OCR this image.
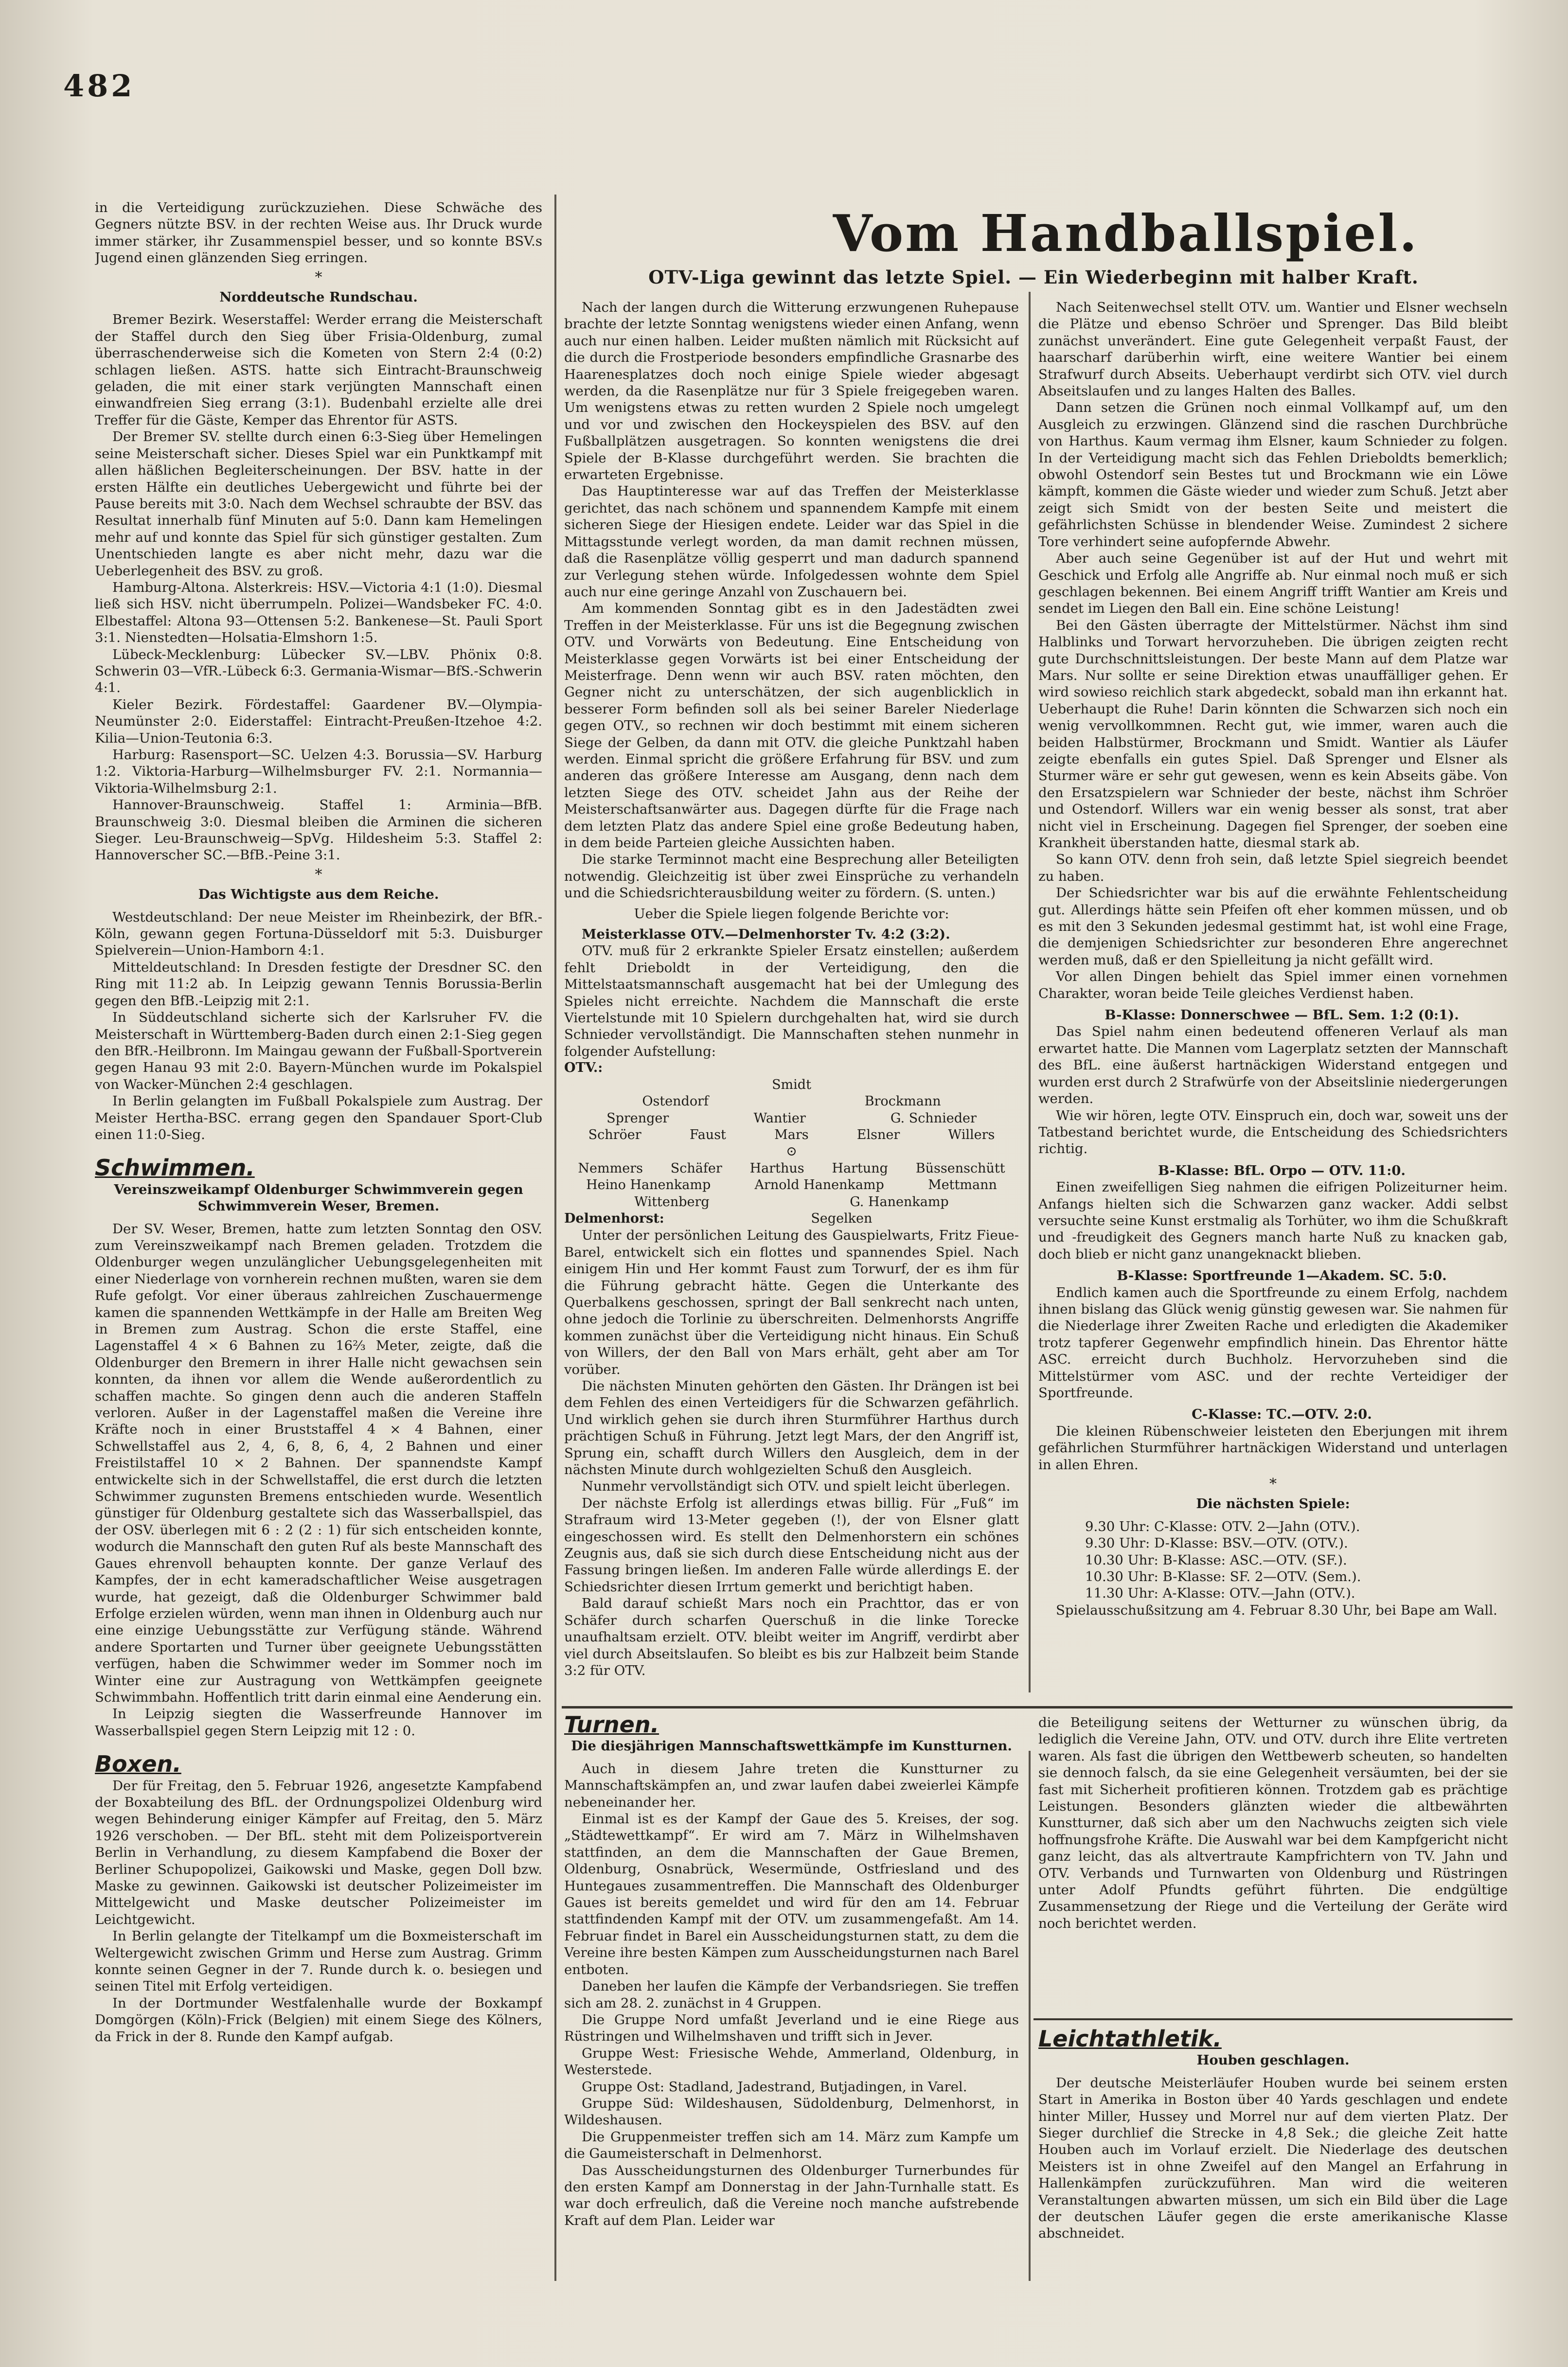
482
Vom Handballspiel.
OTV-Liga gewinnt das letzte Spiel. — Ein Wiederbeginn mit halber Kraft.

in die Verteidigung zurückzuziehen. Diese Schwäche des Gegners nützte BSV. in der rechten Weise aus. Ihr Druck wurde immer stärker, ihr Zusammenspiel besser, und so konnte BSV.s Jugend einen glänzenden Sieg erringen.

*
Norddeutsche Rundschau.

Bremer Bezirk. Weserstaffel: Werder errang die Meisterschaft der Staffel durch den Sieg über Frisia-Oldenburg, zumal überraschenderweise sich die Kometen von Stern 2:4 (0:2) schlagen ließen. ASTS. hatte sich Eintracht-Braunschweig geladen, die mit einer stark verjüngten Mannschaft einen einwandfreien Sieg errang (3:1). Budenbahl erzielte alle drei Treffer für die Gäste, Kemper das Ehrentor für ASTS.

Der Bremer SV. stellte durch einen 6:3-Sieg über Hemelingen seine Meisterschaft sicher. Dieses Spiel war ein Punktkampf mit allen häßlichen Begleiterscheinungen. Der BSV. hatte in der ersten Hälfte ein deutliches Uebergewicht und führte bei der Pause bereits mit 3:0. Nach dem Wechsel schraubte der BSV. das Resultat innerhalb fünf Minuten auf 5:0. Dann kam Hemelingen mehr auf und konnte das Spiel für sich günstiger gestalten. Zum Unentschieden langte es aber nicht mehr, dazu war die Ueberlegenheit des BSV. zu groß.

Hamburg-Altona. Alsterkreis: HSV.—Victoria 4:1 (1:0). Diesmal ließ sich HSV. nicht überrumpeln. Polizei—Wandsbeker FC. 4:0. Elbestaffel: Altona 93—Ottensen 5:2. Bankenese—St. Pauli Sport 3:1. Nienstedten—Holsatia-Elmshorn 1:5.

Lübeck-Mecklenburg: Lübecker SV.—LBV. Phönix 0:8. Schwerin 03—VfR.-Lübeck 6:3. Germania-Wismar—BfS.-Schwerin 4:1.

Kieler Bezirk. Fördestaffel: Gaardener BV.—Olympia-Neumünster 2:0. Eiderstaffel: Eintracht-Preußen-Itzehoe 4:2. Kilia—Union-Teutonia 6:3.

Harburg: Rasensport—SC. Uelzen 4:3. Borussia—SV. Harburg 1:2. Viktoria-Harburg—Wilhelmsburger FV. 2:1. Normannia—Viktoria-Wilhelmsburg 2:1.

Hannover-Braunschweig. Staffel 1: Arminia—BfB. Braunschweig 3:0. Diesmal bleiben die Arminen die sicheren Sieger. Leu-Braunschweig—SpVg. Hildesheim 5:3. Staffel 2: Hannoverscher SC.—BfB.-Peine 3:1.

*
Das Wichtigste aus dem Reiche.

Westdeutschland: Der neue Meister im Rheinbezirk, der BfR.-Köln, gewann gegen Fortuna-Düsseldorf mit 5:3. Duisburger Spielverein—Union-Hamborn 4:1.

Mitteldeutschland: In Dresden festigte der Dresdner SC. den Ring mit 11:2 ab. In Leipzig gewann Tennis Borussia-Berlin gegen den BfB.-Leipzig mit 2:1.

In Süddeutschland sicherte sich der Karlsruher FV. die Meisterschaft in Württemberg-Baden durch einen 2:1-Sieg gegen den BfR.-Heilbronn. Im Maingau gewann der Fußball-Sportverein gegen Hanau 93 mit 2:0. Bayern-München wurde im Pokalspiel von Wacker-München 2:4 geschlagen.

In Berlin gelangten im Fußball Pokalspiele zum Austrag. Der Meister Hertha-BSC. errang gegen den Spandauer Sport-Club einen 11:0-Sieg.

Schwimmen.
Vereinszweikampf Oldenburger Schwimmverein gegen Schwimmverein Weser, Bremen.

Der SV. Weser, Bremen, hatte zum letzten Sonntag den OSV. zum Vereinszweikampf nach Bremen geladen. Trotzdem die Oldenburger wegen unzulänglicher Uebungsgelegenheiten mit einer Niederlage von vornherein rechnen mußten, waren sie dem Rufe gefolgt. Vor einer überaus zahlreichen Zuschauermenge kamen die spannenden Wettkämpfe in der Halle am Breiten Weg in Bremen zum Austrag. Schon die erste Staffel, eine Lagenstaffel 4 × 6 Bahnen zu 16⅔ Meter, zeigte, daß die Oldenburger den Bremern in ihrer Halle nicht gewachsen sein konnten, da ihnen vor allem die Wende außerordentlich zu schaffen machte. So gingen denn auch die anderen Staffeln verloren. Außer in der Lagenstaffel maßen die Vereine ihre Kräfte noch in einer Bruststaffel 4 × 4 Bahnen, einer Schwellstaffel aus 2, 4, 6, 8, 6, 4, 2 Bahnen und einer Freistilstaffel 10 × 2 Bahnen. Der spannendste Kampf entwickelte sich in der Schwellstaffel, die erst durch die letzten Schwimmer zugunsten Bremens entschieden wurde. Wesentlich günstiger für Oldenburg gestaltete sich das Wasserballspiel, das der OSV. überlegen mit 6 : 2 (2 : 1) für sich entscheiden konnte, wodurch die Mannschaft den guten Ruf als beste Mannschaft des Gaues ehrenvoll behaupten konnte. Der ganze Verlauf des Kampfes, der in echt kameradschaftlicher Weise ausgetragen wurde, hat gezeigt, daß die Oldenburger Schwimmer bald Erfolge erzielen würden, wenn man ihnen in Oldenburg auch nur eine einzige Uebungsstätte zur Verfügung stände. Während andere Sportarten und Turner über geeignete Uebungsstätten verfügen, haben die Schwimmer weder im Sommer noch im Winter eine zur Austragung von Wettkämpfen geeignete Schwimmbahn. Hoffentlich tritt darin einmal eine Aenderung ein.

In Leipzig siegten die Wasserfreunde Hannover im Wasserballspiel gegen Stern Leipzig mit 12 : 0.

Boxen.

Der für Freitag, den 5. Februar 1926, angesetzte Kampfabend der Boxabteilung des BfL. der Ordnungspolizei Oldenburg wird wegen Behinderung einiger Kämpfer auf Freitag, den 5. März 1926 verschoben. — Der BfL. steht mit dem Polizeisportverein Berlin in Verhandlung, zu diesem Kampfabend die Boxer der Berliner Schupopolizei, Gaikowski und Maske, gegen Doll bzw. Maske zu gewinnen. Gaikowski ist deutscher Polizeimeister im Mittelgewicht und Maske deutscher Polizeimeister im Leichtgewicht.

In Berlin gelangte der Titelkampf um die Boxmeisterschaft im Weltergewicht zwischen Grimm und Herse zum Austrag. Grimm konnte seinen Gegner in der 7. Runde durch k. o. besiegen und seinen Titel mit Erfolg verteidigen.

In der Dortmunder Westfalenhalle wurde der Boxkampf Domgörgen (Köln)-Frick (Belgien) mit einem Siege des Kölners, da Frick in der 8. Runde den Kampf aufgab.

Nach der langen durch die Witterung erzwungenen Ruhepause brachte der letzte Sonntag wenigstens wieder einen Anfang, wenn auch nur einen halben. Leider mußten nämlich mit Rücksicht auf die durch die Frostperiode besonders empfindliche Grasnarbe des Haarenesplatzes doch noch einige Spiele wieder abgesagt werden, da die Rasenplätze nur für 3 Spiele freigegeben waren. Um wenigstens etwas zu retten wurden 2 Spiele noch umgelegt und vor und zwischen den Hockeyspielen des BSV. auf den Fußballplätzen ausgetragen. So konnten wenigstens die drei Spiele der B-Klasse durchgeführt werden. Sie brachten die erwarteten Ergebnisse.

Das Hauptinteresse war auf das Treffen der Meisterklasse gerichtet, das nach schönem und spannendem Kampfe mit einem sicheren Siege der Hiesigen endete. Leider war das Spiel in die Mittagsstunde verlegt worden, da man damit rechnen müssen, daß die Rasenplätze völlig gesperrt und man dadurch spannend zur Verlegung stehen würde. Infolgedessen wohnte dem Spiel auch nur eine geringe Anzahl von Zuschauern bei.

Am kommenden Sonntag gibt es in den Jadestädten zwei Treffen in der Meisterklasse. Für uns ist die Begegnung zwischen OTV. und Vorwärts von Bedeutung. Eine Entscheidung von Meisterklasse gegen Vorwärts ist bei einer Entscheidung der Meisterfrage. Denn wenn wir auch BSV. raten möchten, den Gegner nicht zu unterschätzen, der sich augenblicklich in besserer Form befinden soll als bei seiner Bareler Niederlage gegen OTV., so rechnen wir doch bestimmt mit einem sicheren Siege der Gelben, da dann mit OTV. die gleiche Punktzahl haben werden. Einmal spricht die größere Erfahrung für BSV. und zum anderen das größere Interesse am Ausgang, denn nach dem letzten Siege des OTV. scheidet Jahn aus der Reihe der Meisterschaftsanwärter aus. Dagegen dürfte für die Frage nach dem letzten Platz das andere Spiel eine große Bedeutung haben, in dem beide Parteien gleiche Aussichten haben.

Die starke Terminnot macht eine Besprechung aller Beteiligten notwendig. Gleichzeitig ist über zwei Einsprüche zu verhandeln und die Schiedsrichterausbildung weiter zu fördern. (S. unten.)

Ueber die Spiele liegen folgende Berichte vor:

Meisterklasse OTV.—Delmenhorster Tv. 4:2 (3:2).

OTV. muß für 2 erkrankte Spieler Ersatz einstellen; außerdem fehlt Drieboldt in der Verteidigung, den die Mittelstaatsmannschaft ausgemacht hat bei der Umlegung des Spieles nicht erreichte. Nachdem die Mannschaft die erste Viertelstunde mit 10 Spielern durchgehalten hat, wird sie durch Schnieder vervollständigt. Die Mannschaften stehen nunmehr in folgender Aufstellung:

OTV.:
Smidt
Ostendorf	Brockmann
Sprenger	Wantier	G. Schnieder
Schröer	Faust	Mars	Elsner	Willers
⊙
Nemmers Schäfer Harthus Hartung Büssenschütt
Heino Hanenkamp	Arnold Hanenkamp	Mettmann
Wittenberg	G. Hanenkamp
Delmenhorst:	Segelken

Unter der persönlichen Leitung des Gauspielwarts, Fritz Fieue-Barel, entwickelt sich ein flottes und spannendes Spiel. Nach einigem Hin und Her kommt Faust zum Torwurf, der es ihm für die Führung gebracht hätte. Gegen die Unterkante des Querbalkens geschossen, springt der Ball senkrecht nach unten, ohne jedoch die Torlinie zu überschreiten. Delmenhorsts Angriffe kommen zunächst über die Verteidigung nicht hinaus. Ein Schuß von Willers, der den Ball von Mars erhält, geht aber am Tor vorüber.

Die nächsten Minuten gehörten den Gästen. Ihr Drängen ist bei dem Fehlen des einen Verteidigers für die Schwarzen gefährlich. Und wirklich gehen sie durch ihren Sturmführer Harthus durch prächtigen Schuß in Führung. Jetzt legt Mars, der den Angriff ist, Sprung ein, schafft durch Willers den Ausgleich, dem in der nächsten Minute durch wohlgezielten Schuß den Ausgleich.

Nunmehr vervollständigt sich OTV. und spielt leicht überlegen.

Der nächste Erfolg ist allerdings etwas billig. Für „Fuß“ im Strafraum wird 13-Meter gegeben (!), der von Elsner glatt eingeschossen wird. Es stellt den Delmenhorstern ein schönes Zeugnis aus, daß sie sich durch diese Entscheidung nicht aus der Fassung bringen ließen. Im anderen Falle würde allerdings E. der Schiedsrichter diesen Irrtum gemerkt und berichtigt haben.

Bald darauf schießt Mars noch ein Prachttor, das er von Schäfer durch scharfen Querschuß in die linke Torecke unaufhaltsam erzielt. OTV. bleibt weiter im Angriff, verdirbt aber viel durch Abseitslaufen. So bleibt es bis zur Halbzeit beim Stande 3:2 für OTV.

Nach Seitenwechsel stellt OTV. um. Wantier und Elsner wechseln die Plätze und ebenso Schröer und Sprenger. Das Bild bleibt zunächst unverändert. Eine gute Gelegenheit verpaßt Faust, der haarscharf darüberhin wirft, eine weitere Wantier bei einem Strafwurf durch Abseits. Ueberhaupt verdirbt sich OTV. viel durch Abseitslaufen und zu langes Halten des Balles.

Dann setzen die Grünen noch einmal Vollkampf auf, um den Ausgleich zu erzwingen. Glänzend sind die raschen Durchbrüche von Harthus. Kaum vermag ihm Elsner, kaum Schnieder zu folgen. In der Verteidigung macht sich das Fehlen Drieboldts bemerklich; obwohl Ostendorf sein Bestes tut und Brockmann wie ein Löwe kämpft, kommen die Gäste wieder und wieder zum Schuß. Jetzt aber zeigt sich Smidt von der besten Seite und meistert die gefährlichsten Schüsse in blendender Weise. Zumindest 2 sichere Tore verhindert seine aufopfernde Abwehr.

Aber auch seine Gegenüber ist auf der Hut und wehrt mit Geschick und Erfolg alle Angriffe ab. Nur einmal noch muß er sich geschlagen bekennen. Bei einem Angriff trifft Wantier am Kreis und sendet im Liegen den Ball ein. Eine schöne Leistung!

Bei den Gästen überragte der Mittelstürmer. Nächst ihm sind Halblinks und Torwart hervorzuheben. Die übrigen zeigten recht gute Durchschnittsleistungen. Der beste Mann auf dem Platze war Mars. Nur sollte er seine Direktion etwas unauffälliger gehen. Er wird sowieso reichlich stark abgedeckt, sobald man ihn erkannt hat. Ueberhaupt die Ruhe! Darin könnten die Schwarzen sich noch ein wenig vervollkommnen. Recht gut, wie immer, waren auch die beiden Halbstürmer, Brockmann und Smidt. Wantier als Läufer zeigte ebenfalls ein gutes Spiel. Daß Sprenger und Elsner als Sturmer wäre er sehr gut gewesen, wenn es kein Abseits gäbe. Von den Ersatzspielern war Schnieder der beste, nächst ihm Schröer und Ostendorf. Willers war ein wenig besser als sonst, trat aber nicht viel in Erscheinung. Dagegen fiel Sprenger, der soeben eine Krankheit überstanden hatte, diesmal stark ab.

So kann OTV. denn froh sein, daß letzte Spiel siegreich beendet zu haben.

Der Schiedsrichter war bis auf die erwähnte Fehlentscheidung gut. Allerdings hätte sein Pfeifen oft eher kommen müssen, und ob es mit den 3 Sekunden jedesmal gestimmt hat, ist wohl eine Frage, die demjenigen Schiedsrichter zur besonderen Ehre angerechnet werden muß, daß er den Spielleitung ja nicht gefällt wird.

Vor allen Dingen behielt das Spiel immer einen vornehmen Charakter, woran beide Teile gleiches Verdienst haben.

B-Klasse: Donnerschwee — BfL. Sem. 1:2 (0:1).

Das Spiel nahm einen bedeutend offeneren Verlauf als man erwartet hatte. Die Mannen vom Lagerplatz setzten der Mannschaft des BfL. eine äußerst hartnäckigen Widerstand entgegen und wurden erst durch 2 Strafwürfe von der Abseitslinie niedergerungen werden.

Wie wir hören, legte OTV. Einspruch ein, doch war, soweit uns der Tatbestand berichtet wurde, die Entscheidung des Schiedsrichters richtig.

B-Klasse: BfL. Orpo — OTV. 11:0.

Einen zweifelligen Sieg nahmen die eifrigen Polizeiturner heim. Anfangs hielten sich die Schwarzen ganz wacker. Addi selbst versuchte seine Kunst erstmalig als Torhüter, wo ihm die Schußkraft und -freudigkeit des Gegners manch harte Nuß zu knacken gab, doch blieb er nicht ganz unangeknackt blieben.

B-Klasse: Sportfreunde 1—Akadem. SC. 5:0.

Endlich kamen auch die Sportfreunde zu einem Erfolg, nachdem ihnen bislang das Glück wenig günstig gewesen war. Sie nahmen für die Niederlage ihrer Zweiten Rache und erledigten die Akademiker trotz tapferer Gegenwehr empfindlich hinein. Das Ehrentor hätte ASC. erreicht durch Buchholz. Hervorzuheben sind die Mittelstürmer vom ASC. und der rechte Verteidiger der Sportfreunde.

C-Klasse: TC.—OTV. 2:0.

Die kleinen Rübenschweier leisteten den Eberjungen mit ihrem gefährlichen Sturmführer hartnäckigen Widerstand und unterlagen in allen Ehren.

*
Die nächsten Spiele:

9.30 Uhr: C-Klasse: OTV. 2—Jahn (OTV.).

9.30 Uhr: D-Klasse: BSV.—OTV. (OTV.).

10.30 Uhr: B-Klasse: ASC.—OTV. (SF.).

10.30 Uhr: B-Klasse: SF. 2—OTV. (Sem.).

11.30 Uhr: A-Klasse: OTV.—Jahn (OTV.).

Spielausschußsitzung am 4. Februar 8.30 Uhr, bei Bape am Wall.

Turnen.
Die diesjährigen Mannschaftswettkämpfe im Kunstturnen.

Auch in diesem Jahre treten die Kunstturner zu Mannschaftskämpfen an, und zwar laufen dabei zweierlei Kämpfe nebeneinander her.

Einmal ist es der Kampf der Gaue des 5. Kreises, der sog. „Städtewettkampf“. Er wird am 7. März in Wilhelmshaven stattfinden, an dem die Mannschaften der Gaue Bremen, Oldenburg, Osnabrück, Wesermünde, Ostfriesland und des Huntegaues zusammentreffen. Die Mannschaft des Oldenburger Gaues ist bereits gemeldet und wird für den am 14. Februar stattfindenden Kampf mit der OTV. um zusammengefaßt. Am 14. Februar findet in Barel ein Ausscheidungsturnen statt, zu dem die Vereine ihre besten Kämpen zum Ausscheidungsturnen nach Barel entboten.

Daneben her laufen die Kämpfe der Verbandsriegen. Sie treffen sich am 28. 2. zunächst in 4 Gruppen.

Die Gruppe Nord umfaßt Jeverland und ie eine Riege aus Rüstringen und Wilhelmshaven und trifft sich in Jever.

Gruppe West: Friesische Wehde, Ammerland, Oldenburg, in Westerstede.

Gruppe Ost: Stadland, Jadestrand, Butjadingen, in Varel.

Gruppe Süd: Wildeshausen, Südoldenburg, Delmenhorst, in Wildeshausen.

Die Gruppenmeister treffen sich am 14. März zum Kampfe um die Gaumeisterschaft in Delmenhorst.

Das Ausscheidungsturnen des Oldenburger Turnerbundes für den ersten Kampf am Donnerstag in der Jahn-Turnhalle statt. Es war doch erfreulich, daß die Vereine noch manche aufstrebende Kraft auf dem Plan. Leider war

die Beteiligung seitens der Wetturner zu wünschen übrig, da lediglich die Vereine Jahn, OTV. und OTV. durch ihre Elite vertreten waren. Als fast die übrigen den Wettbewerb scheuten, so handelten sie dennoch falsch, da sie eine Gelegenheit versäumten, bei der sie fast mit Sicherheit profitieren können. Trotzdem gab es prächtige Leistungen. Besonders glänzten wieder die altbewährten Kunstturner, daß sich aber um den Nachwuchs zeigten sich viele hoffnungsfrohe Kräfte. Die Auswahl war bei dem Kampfgericht nicht ganz leicht, das als altvertraute Kampfrichtern von TV. Jahn und OTV. Verbands und Turnwarten von Oldenburg und Rüstringen unter Adolf Pfundts geführt führten. Die endgültige Zusammensetzung der Riege und die Verteilung der Geräte wird noch berichtet werden.

Leichtathletik.
Houben geschlagen.

Der deutsche Meisterläufer Houben wurde bei seinem ersten Start in Amerika in Boston über 40 Yards geschlagen und endete hinter Miller, Hussey und Morrel nur auf dem vierten Platz. Der Sieger durchlief die Strecke in 4,8 Sek.; die gleiche Zeit hatte Houben auch im Vorlauf erzielt. Die Niederlage des deutschen Meisters ist in ohne Zweifel auf den Mangel an Erfahrung in Hallenkämpfen zurückzuführen. Man wird die weiteren Veranstaltungen abwarten müssen, um sich ein Bild über die Lage der deutschen Läufer gegen die erste amerikanische Klasse abschneidet.
